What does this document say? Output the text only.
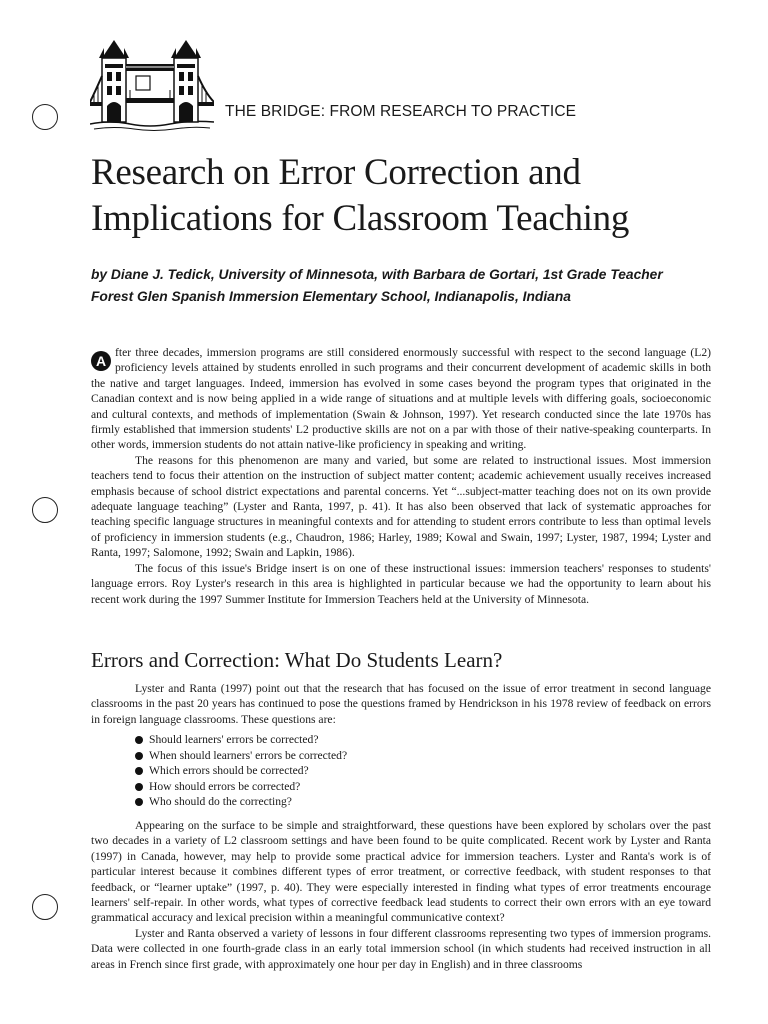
THE BRIDGE: FROM RESEARCH TO PRACTICE
Research on Error Correction and
Implications for Classroom Teaching
by Diane J. Tedick, University of Minnesota, with Barbara de Gortari, 1st Grade Teacher
Forest Glen Spanish Immersion Elementary School, Indianapolis, Indiana

A
fter three decades, immersion programs are still considered enormously successful with respect to the second language (L2) proficiency levels attained by students enrolled in such programs and their concurrent development of academic skills in both the native and target languages. Indeed, immersion has evolved in some cases beyond the program types that originated in the Canadian context and is now being applied in a wide range of situations and at multiple levels with differing goals, socioeconomic and cultural contexts, and methods of implementation (Swain & Johnson, 1997). Yet research conducted since the late 1970s has firmly established that immersion students' L2 productive skills are not on a par with those of their native-speaking counterparts. In other words, immersion students do not attain native-like proficiency in speaking and writing.

The reasons for this phenomenon are many and varied, but some are related to instructional issues. Most immersion teachers tend to focus their attention on the instruction of subject matter content; academic achievement usually receives increased emphasis because of school district expectations and parental concerns. Yet “...subject-matter teaching does not on its own provide adequate language teaching” (Lyster and Ranta, 1997, p. 41). It has also been observed that lack of systematic approaches for teaching specific language structures in meaningful contexts and for attending to student errors contribute to less than optimal levels of proficiency in immersion students (e.g., Chaudron, 1986; Harley, 1989; Kowal and Swain, 1997; Lyster, 1987, 1994; Lyster and Ranta, 1997; Salomone, 1992; Swain and Lapkin, 1986).

The focus of this issue's Bridge insert is on one of these instructional issues: immersion teachers' responses to students' language errors. Roy Lyster's research in this area is highlighted in particular because we had the opportunity to learn about his recent work during the 1997 Summer Institute for Immersion Teachers held at the University of Minnesota.

Errors and Correction: What Do Students Learn?

Lyster and Ranta (1997) point out that the research that has focused on the issue of error treatment in second language classrooms in the past 20 years has continued to pose the questions framed by Hendrickson in his 1978 review of feedback on errors in foreign language classrooms. These questions are:

Should learners' errors be corrected?
When should learners' errors be corrected?
Which errors should be corrected?
How should errors be corrected?
Who should do the correcting?

Appearing on the surface to be simple and straightforward, these questions have been explored by scholars over the past two decades in a variety of L2 classroom settings and have been found to be quite complicated. Recent work by Lyster and Ranta (1997) in Canada, however, may help to provide some practical advice for immersion teachers. Lyster and Ranta's work is of particular interest because it combines different types of error treatment, or corrective feedback, with student responses to that feedback, or “learner uptake” (1997, p. 40). They were especially interested in finding what types of error treatments encourage learners' self-repair. In other words, what types of corrective feedback lead students to correct their own errors with an eye toward grammatical accuracy and lexical precision within a meaningful communicative context?

Lyster and Ranta observed a variety of lessons in four different classrooms representing two types of immersion programs. Data were collected in one fourth-grade class in an early total immersion school (in which students had received instruction in all areas in French since first grade, with approximately one hour per day in English) and in three classrooms
